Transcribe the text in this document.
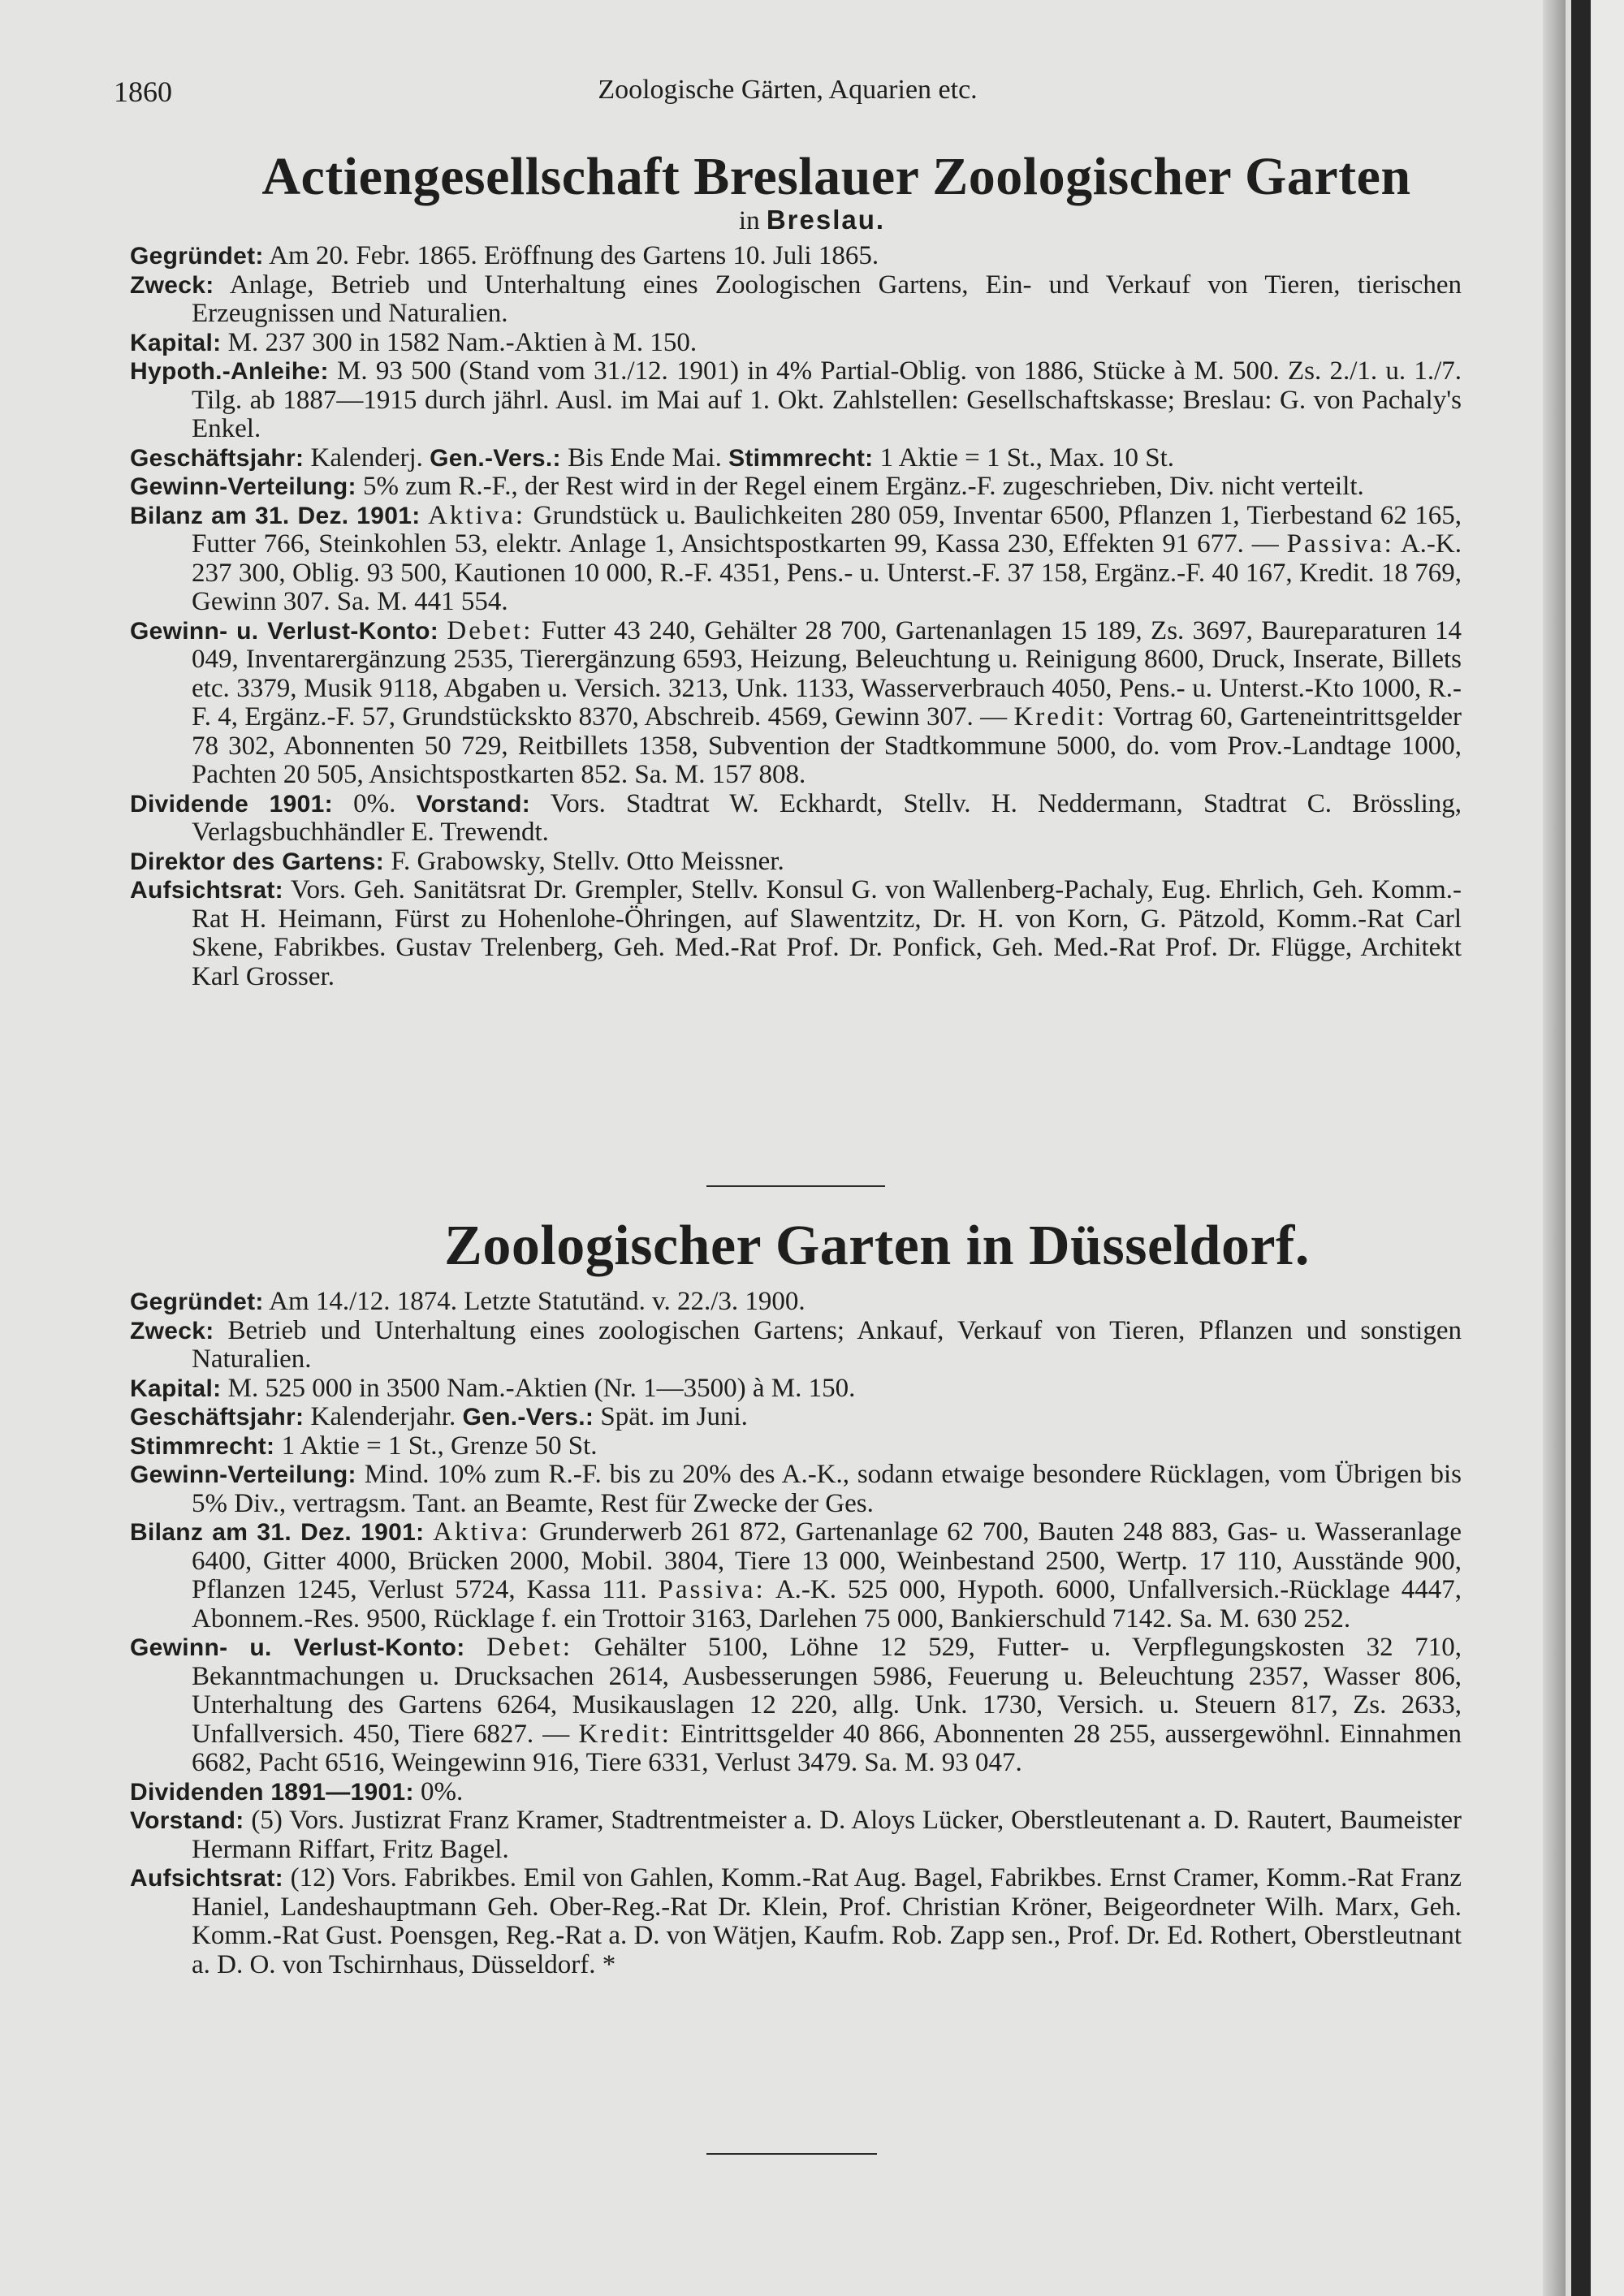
1860	Zoologische Gärten, Aquarien etc.
Actiengesellschaft Breslauer Zoologischer Garten
in Breslau.
Gegründet: Am 20. Febr. 1865. Eröffnung des Gartens 10. Juli 1865.
Zweck: Anlage, Betrieb und Unterhaltung eines Zoologischen Gartens, Ein- und Verkauf von Tieren, tierischen Erzeugnissen und Naturalien.
Kapital: M. 237 300 in 1582 Nam.-Aktien à M. 150.
Hypoth.-Anleihe: M. 93 500 (Stand vom 31./12. 1901) in 4% Partial-Oblig. von 1886, Stücke à M. 500. Zs. 2./1. u. 1./7. Tilg. ab 1887—1915 durch jährl. Ausl. im Mai auf 1. Okt. Zahlstellen: Gesellschaftskasse; Breslau: G. von Pachaly's Enkel.
Geschäftsjahr: Kalenderj. Gen.-Vers.: Bis Ende Mai. Stimmrecht: 1 Aktie = 1 St., Max. 10 St.
Gewinn-Verteilung: 5% zum R.-F., der Rest wird in der Regel einem Ergänz.-F. zugeschrieben, Div. nicht verteilt.
Bilanz am 31. Dez. 1901: Aktiva: Grundstück u. Baulichkeiten 280 059, Inventar 6500, Pflanzen 1, Tierbestand 62 165, Futter 766, Steinkohlen 53, elektr. Anlage 1, Ansichtspostkarten 99, Kassa 230, Effekten 91 677. — Passiva: A.-K. 237 300, Oblig. 93 500, Kautionen 10 000, R.-F. 4351, Pens.- u. Unterst.-F. 37 158, Ergänz.-F. 40 167, Kredit. 18 769, Gewinn 307. Sa. M. 441 554.
Gewinn- u. Verlust-Konto: Debet: Futter 43 240, Gehälter 28 700, Gartenanlagen 15 189, Zs. 3697, Baureparaturen 14 049, Inventarergänzung 2535, Tierergänzung 6593, Heizung, Beleuchtung u. Reinigung 8600, Druck, Inserate, Billets etc. 3379, Musik 9118, Abgaben u. Versich. 3213, Unk. 1133, Wasserverbrauch 4050, Pens.- u. Unterst.-Kto 1000, R.-F. 4, Ergänz.-F. 57, Grundstückskto 8370, Abschreib. 4569, Gewinn 307. — Kredit: Vortrag 60, Garteneintrittsgelder 78 302, Abonnenten 50 729, Reitbillets 1358, Subvention der Stadtkommune 5000, do. vom Prov.-Landtage 1000, Pachten 20 505, Ansichtspostkarten 852. Sa. M. 157 808.
Dividende 1901: 0%. Vorstand: Vors. Stadtrat W. Eckhardt, Stellv. H. Neddermann, Stadtrat C. Brössling, Verlagsbuchhändler E. Trewendt.
Direktor des Gartens: F. Grabowsky, Stellv. Otto Meissner.
Aufsichtsrat: Vors. Geh. Sanitätsrat Dr. Grempler, Stellv. Konsul G. von Wallenberg-Pachaly, Eug. Ehrlich, Geh. Komm.-Rat H. Heimann, Fürst zu Hohenlohe-Öhringen, auf Slawentzitz, Dr. H. von Korn, G. Pätzold, Komm.-Rat Carl Skene, Fabrikbes. Gustav Trelenberg, Geh. Med.-Rat Prof. Dr. Ponfick, Geh. Med.-Rat Prof. Dr. Flügge, Architekt Karl Grosser.
Zoologischer Garten in Düsseldorf.
Gegründet: Am 14./12. 1874. Letzte Statutänd. v. 22./3. 1900.
Zweck: Betrieb und Unterhaltung eines zoologischen Gartens; Ankauf, Verkauf von Tieren, Pflanzen und sonstigen Naturalien.
Kapital: M. 525 000 in 3500 Nam.-Aktien (Nr. 1—3500) à M. 150.
Geschäftsjahr: Kalenderjahr. Gen.-Vers.: Spät. im Juni.
Stimmrecht: 1 Aktie = 1 St., Grenze 50 St.
Gewinn-Verteilung: Mind. 10% zum R.-F. bis zu 20% des A.-K., sodann etwaige besondere Rücklagen, vom Übrigen bis 5% Div., vertragsm. Tant. an Beamte, Rest für Zwecke der Ges.
Bilanz am 31. Dez. 1901: Aktiva: Grunderwerb 261 872, Gartenanlage 62 700, Bauten 248 883, Gas- u. Wasseranlage 6400, Gitter 4000, Brücken 2000, Mobil. 3804, Tiere 13 000, Weinbestand 2500, Wertp. 17 110, Ausstände 900, Pflanzen 1245, Verlust 5724, Kassa 111. Passiva: A.-K. 525 000, Hypoth. 6000, Unfallversich.-Rücklage 4447, Abonnem.-Res. 9500, Rücklage f. ein Trottoir 3163, Darlehen 75 000, Bankierschuld 7142. Sa. M. 630 252.
Gewinn- u. Verlust-Konto: Debet: Gehälter 5100, Löhne 12 529, Futter- u. Verpflegungskosten 32 710, Bekanntmachungen u. Drucksachen 2614, Ausbesserungen 5986, Feuerung u. Beleuchtung 2357, Wasser 806, Unterhaltung des Gartens 6264, Musikauslagen 12 220, allg. Unk. 1730, Versich. u. Steuern 817, Zs. 2633, Unfallversich. 450, Tiere 6827. — Kredit: Eintrittsgelder 40 866, Abonnenten 28 255, aussergewöhnl. Einnahmen 6682, Pacht 6516, Weingewinn 916, Tiere 6331, Verlust 3479. Sa. M. 93 047.
Dividenden 1891—1901: 0%.
Vorstand: (5) Vors. Justizrat Franz Kramer, Stadtrentmeister a. D. Aloys Lücker, Oberstleutenant a. D. Rautert, Baumeister Hermann Riffart, Fritz Bagel.
Aufsichtsrat: (12) Vors. Fabrikbes. Emil von Gahlen, Komm.-Rat Aug. Bagel, Fabrikbes. Ernst Cramer, Komm.-Rat Franz Haniel, Landeshauptmann Geh. Ober-Reg.-Rat Dr. Klein, Prof. Christian Kröner, Beigeordneter Wilh. Marx, Geh. Komm.-Rat Gust. Poensgen, Reg.-Rat a. D. von Wätjen, Kaufm. Rob. Zapp sen., Prof. Dr. Ed. Rothert, Oberstleutnant a. D. O. von Tschirnhaus, Düsseldorf. *
